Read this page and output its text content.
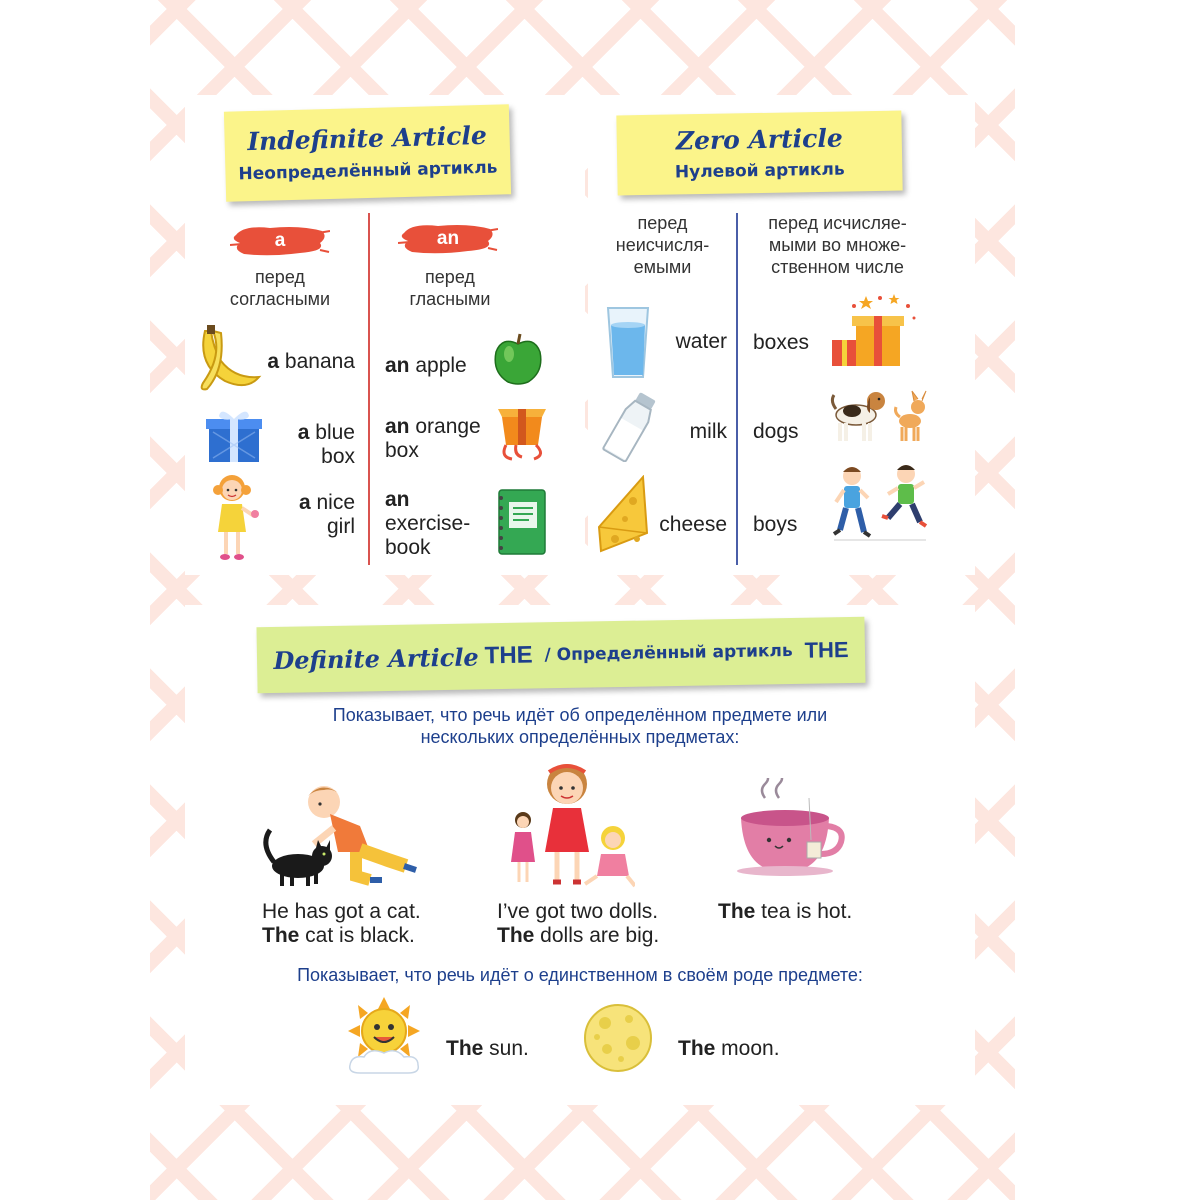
Indefinite Article
Неопределённый артикль
a
перед
согласными
a banana
a blue
box
a nice
girl
an
перед
гласными
an apple
an orange
box
an
exercise-
book
Zero Article
Нулевой артикль
перед
неисчисля-
емыми
перед исчисляе-
мыми во множе-
ственном числе
water
milk
cheese
boxes
dogs
boys
Definite Article THE / Определённый артикль THE
Показывает, что речь идёт об определённом предмете или
нескольких определённых предметах:
He has got a cat.
The cat is black.
I’ve got two dolls.
The dolls are big.
The tea is hot.
Показывает, что речь идёт о единственном в своём роде предмете:
The sun.	The moon.
